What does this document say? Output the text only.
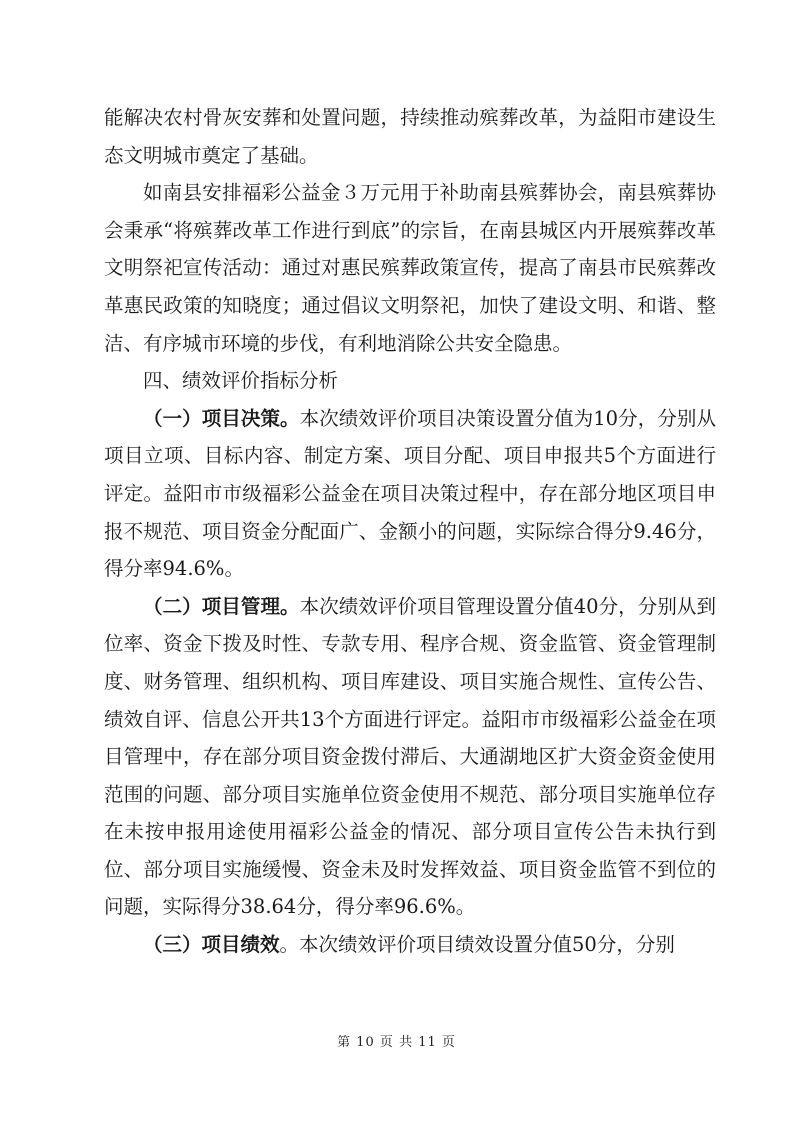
能解决农村骨灰安葬和处置问题，持续推动殡葬改革，为益阳市建设生态文明城市奠定了基础。

如南县安排福彩公益金３万元用于补助南县殡葬协会，南县殡葬协会秉承“将殡葬改革工作进行到底”的宗旨，在南县城区内开展殡葬改革文明祭祀宣传活动：通过对惠民殡葬政策宣传，提高了南县市民殡葬改革惠民政策的知晓度；通过倡议文明祭祀，加快了建设文明、和谐、整洁、有序城市环境的步伐，有利地消除公共安全隐患。

四、绩效评价指标分析

（一）项目决策。本次绩效评价项目决策设置分值为10分，分别从项目立项、目标内容、制定方案、项目分配、项目申报共5个方面进行评定。益阳市市级福彩公益金在项目决策过程中，存在部分地区项目申报不规范、项目资金分配面广、金额小的问题，实际综合得分9.46分，得分率94.6%。

（二）项目管理。本次绩效评价项目管理设置分值40分，分别从到位率、资金下拨及时性、专款专用、程序合规、资金监管、资金管理制度、财务管理、组织机构、项目库建设、项目实施合规性、宣传公告、绩效自评、信息公开共13个方面进行评定。益阳市市级福彩公益金在项目管理中，存在部分项目资金拨付滞后、大通湖地区扩大资金资金使用范围的问题、部分项目实施单位资金使用不规范、部分项目实施单位存在未按申报用途使用福彩公益金的情况、部分项目宣传公告未执行到位、部分项目实施缓慢、资金未及时发挥效益、项目资金监管不到位的问题，实际得分38.64分，得分率96.6%。

（三）项目绩效。本次绩效评价项目绩效设置分值50分，分别

第 10 页 共 11 页
